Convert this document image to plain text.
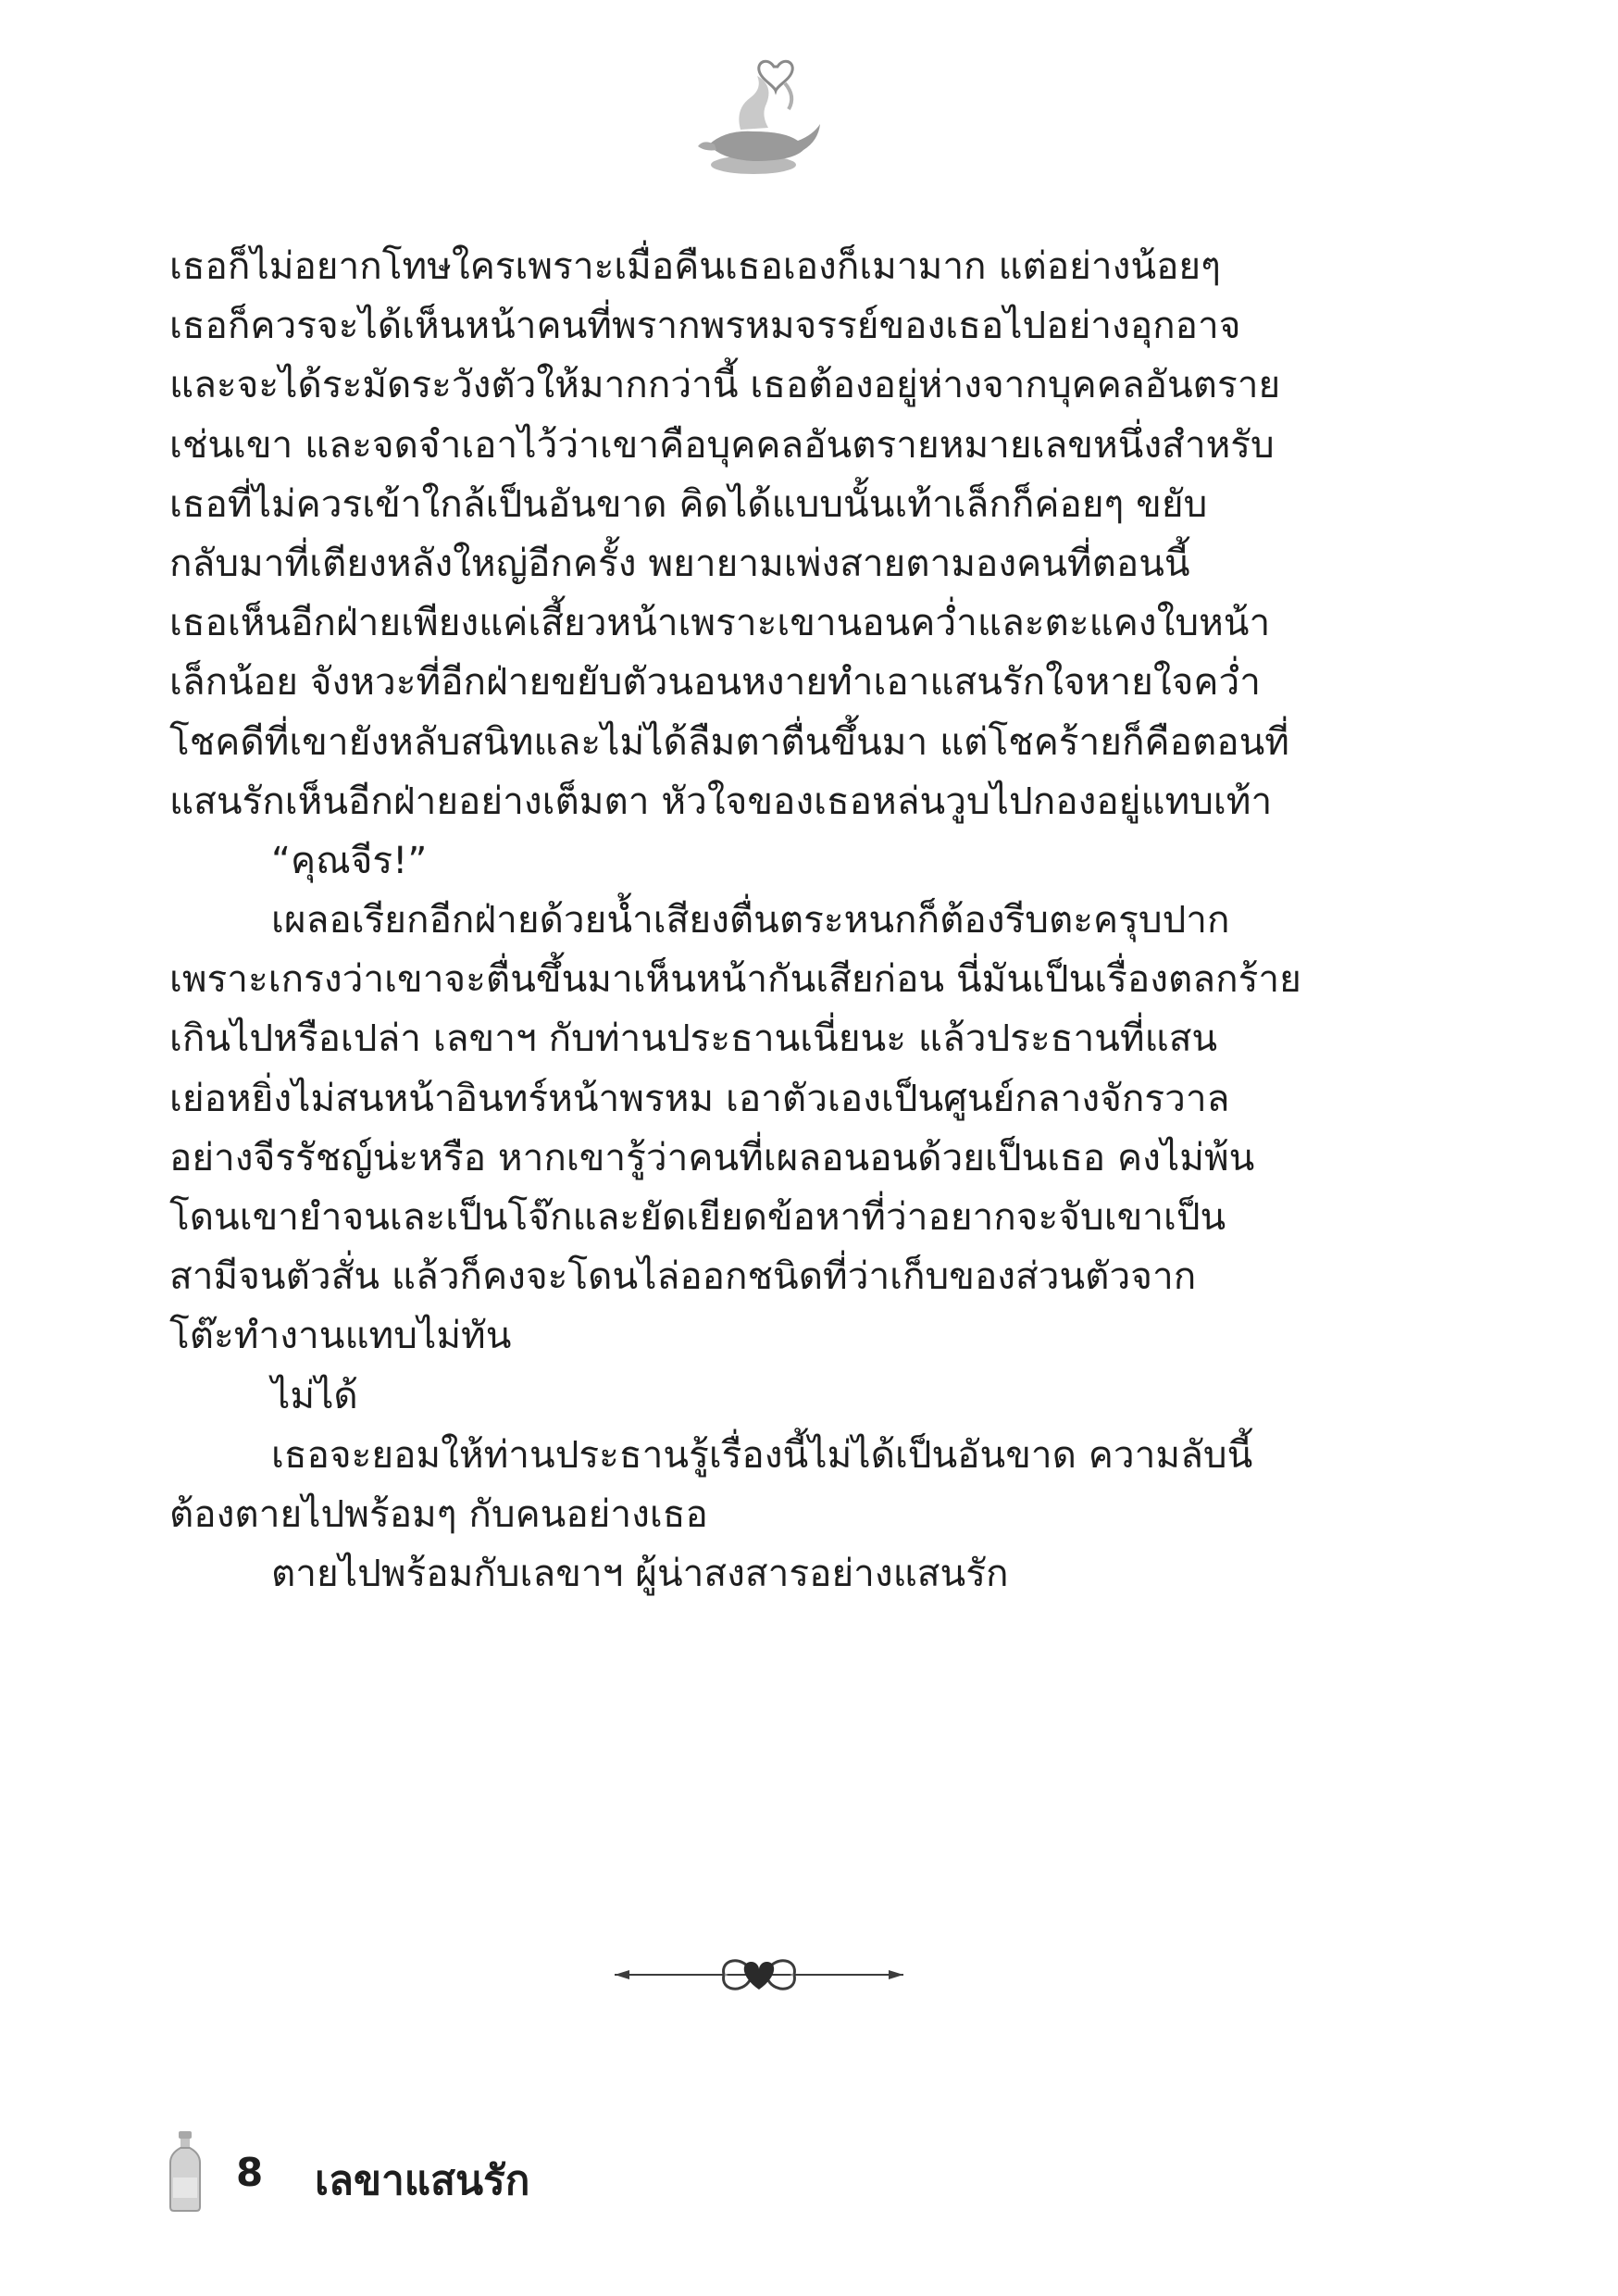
เธอก็ไม่อยากโทษใครเพราะเมื่อคืนเธอเองก็เมามาก แต่อย่างน้อยๆ
เธอก็ควรจะได้เห็นหน้าคนที่พรากพรหมจรรย์ของเธอไปอย่างอุกอาจ
และจะได้ระมัดระวังตัวให้มากกว่านี้ เธอต้องอยู่ห่างจากบุคคลอันตราย
เช่นเขา และจดจำเอาไว้ว่าเขาคือบุคคลอันตรายหมายเลขหนึ่งสำหรับ
เธอที่ไม่ควรเข้าใกล้เป็นอันขาด คิดได้แบบนั้นเท้าเล็กก็ค่อยๆ ขยับ
กลับมาที่เตียงหลังใหญ่อีกครั้ง พยายามเพ่งสายตามองคนที่ตอนนี้
เธอเห็นอีกฝ่ายเพียงแค่เสี้ยวหน้าเพราะเขานอนคว่ำและตะแคงใบหน้า
เล็กน้อย จังหวะที่อีกฝ่ายขยับตัวนอนหงายทำเอาแสนรักใจหายใจคว่ำ
โชคดีที่เขายังหลับสนิทและไม่ได้ลืมตาตื่นขึ้นมา แต่โชคร้ายก็คือตอนที่
แสนรักเห็นอีกฝ่ายอย่างเต็มตา หัวใจของเธอหล่นวูบไปกองอยู่แทบเท้า
“คุณจีร!”
เผลอเรียกอีกฝ่ายด้วยน้ำเสียงตื่นตระหนกก็ต้องรีบตะครุบปาก
เพราะเกรงว่าเขาจะตื่นขึ้นมาเห็นหน้ากันเสียก่อน นี่มันเป็นเรื่องตลกร้าย
เกินไปหรือเปล่า เลขาฯ กับท่านประธานเนี่ยนะ แล้วประธานที่แสน
เย่อหยิ่งไม่สนหน้าอินทร์หน้าพรหม เอาตัวเองเป็นศูนย์กลางจักรวาล
อย่างจีรรัชญ์น่ะหรือ หากเขารู้ว่าคนที่เผลอนอนด้วยเป็นเธอ คงไม่พ้น
โดนเขายำจนเละเป็นโจ๊กและยัดเยียดข้อหาที่ว่าอยากจะจับเขาเป็น
สามีจนตัวสั่น แล้วก็คงจะโดนไล่ออกชนิดที่ว่าเก็บของส่วนตัวจาก
โต๊ะทำงานแทบไม่ทัน
ไม่ได้
เธอจะยอมให้ท่านประธานรู้เรื่องนี้ไม่ได้เป็นอันขาด ความลับนี้
ต้องตายไปพร้อมๆ กับคนอย่างเธอ
ตายไปพร้อมกับเลขาฯ ผู้น่าสงสารอย่างแสนรัก
8 เลขาแสนรัก
